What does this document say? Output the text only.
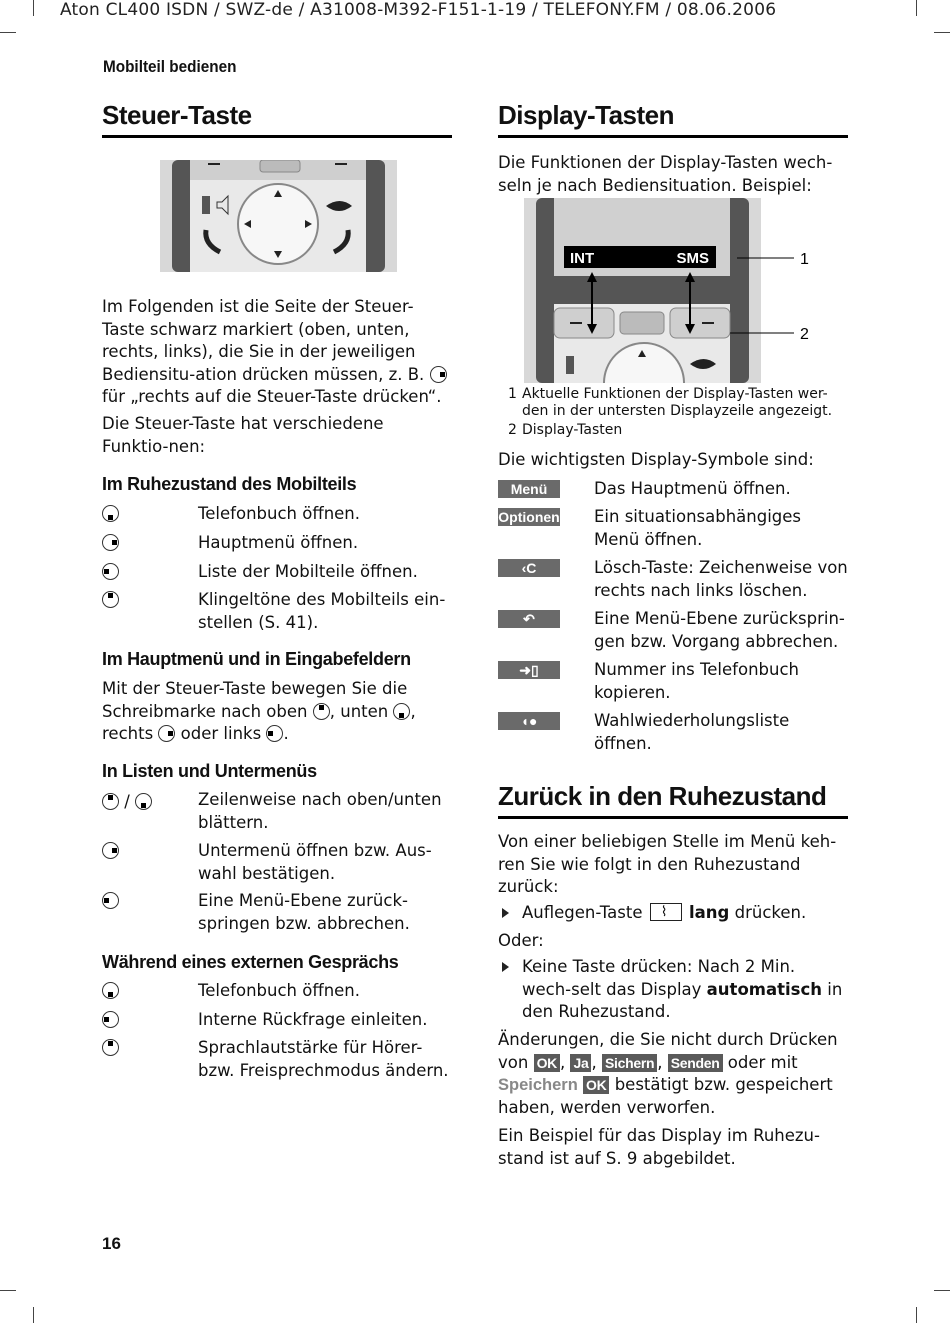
Aton CL400 ISDN / SWZ-de / A31008-M392-F151-1-19 / TELEFONY.FM / 08.06.2006
Mobilteil bedienen
Steuer-Taste

Im Folgenden ist die Seite der Steuer-Taste schwarz markiert (oben, unten, rechts, links), die Sie in der jeweiligen Bediensitu-ation drücken müssen, z. B.  für „rechts auf die Steuer-Taste drücken“.

Die Steuer-Taste hat verschiedene Funktio-nen:

Im Ruhezustand des Mobilteils
Telefonbuch öffnen.
Hauptmenü öffnen.
Liste der Mobilteile öffnen.
Klingeltöne des Mobilteils ein-stellen (S. 41).
Im Hauptmenü und in Eingabefeldern

Mit der Steuer-Taste bewegen Sie die Schreibmarke nach oben , unten , rechts oder links .

In Listen und Untermenüs
/	Zeilenweise nach oben/unten blättern.
Untermenü öffnen bzw. Aus-wahl bestätigen.
Eine Menü-Ebene zurück-springen bzw. abbrechen.
Während eines externen Gesprächs
Telefonbuch öffnen.
Interne Rückfrage einleiten.
Sprachlautstärke für Hörer-bzw. Freisprechmodus ändern.
Display-Tasten

Die Funktionen der Display-Tasten wech-seln je nach Bediensituation. Beispiel:

INT	SMS	1
2
1 Aktuelle Funktionen der Display-Tasten wer-den in der untersten Displayzeile angezeigt.
2 Display-Tasten

Die wichtigsten Display-Symbole sind:

Menü	Das Hauptmenü öffnen.
Optionen Ein situationsabhängiges Menü öffnen.
‹C	Lösch-Taste: Zeichenweise von rechts nach links löschen.
↶	Eine Menü-Ebene zurücksprin-gen bzw. Vorgang abbrechen.
➜▯	Nummer ins Telefonbuch kopieren.
◖●	Wahlwiederholungsliste öffnen.
Zurück in den Ruhezustand

Von einer beliebigen Stelle im Menü keh-ren Sie wie folgt in den Ruhezustand zurück:

Auflegen-Taste ⌇	lang drücken.

Oder:

Keine Taste drücken: Nach 2 Min. wech-selt das Display automatisch in den Ruhezustand.

Änderungen, die Sie nicht durch Drücken von OK , Ja , Sichern , Senden oder mit Speichern OK bestätigt bzw. gespeichert haben, werden verworfen.

Ein Beispiel für das Display im Ruhezu-stand ist auf S. 9 abgebildet.

16
